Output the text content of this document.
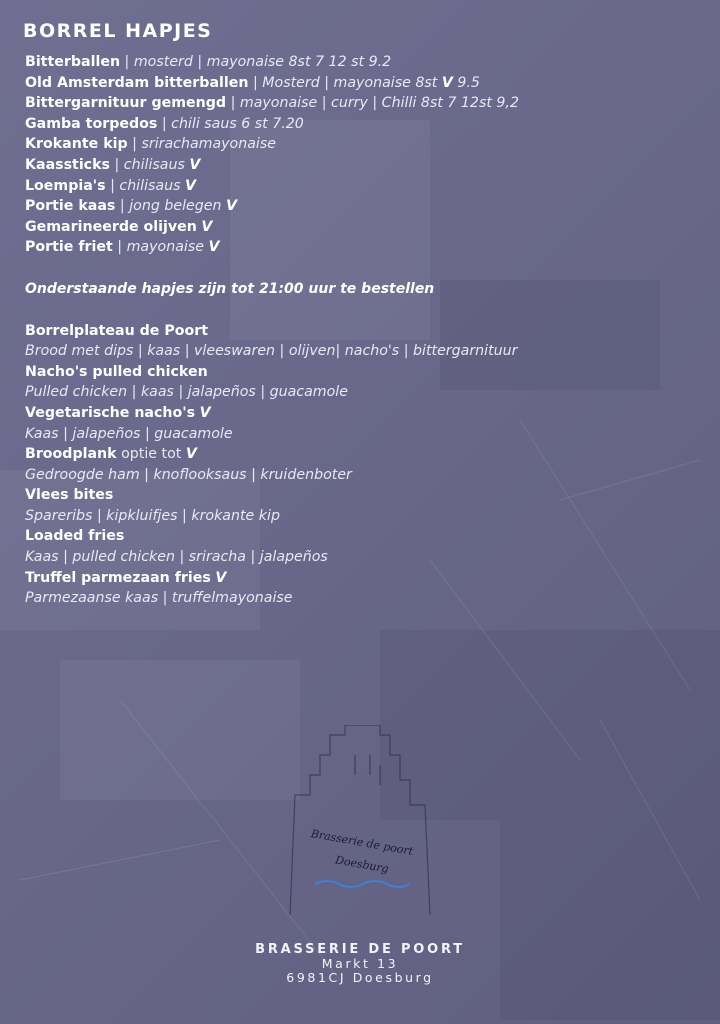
BORREL HAPJES
Bitterballen | mosterd | mayonaise 8st 7 12 st 9.2
Old Amsterdam bitterballen | Mosterd | mayonaise 8st V 9.5
Bittergarnituur gemengd | mayonaise | curry | Chilli 8st 7 12st 9,2
Gamba torpedos | chili saus 6 st 7.20
Krokante kip | srirachamayonaise
Kaassticks | chilisaus V
Loempia's | chilisaus V
Portie kaas | jong belegen V
Gemarineerde olijven V
Portie friet | mayonaise V
Onderstaande hapjes zijn tot 21:00 uur te bestellen
Borrelplateau de Poort
Brood met dips | kaas | vleeswaren | olijven| nacho's | bittergarnituur
Nacho's pulled chicken
Pulled chicken | kaas | jalapeños | guacamole
Vegetarische nacho's V
Kaas | jalapeños | guacamole
Broodplank optie tot V
Gedroogde ham | knoflooksaus | kruidenboter
Vlees bites
Spareribs | kipkluifjes | krokante kip
Loaded fries
Kaas | pulled chicken | sriracha | jalapeños
Truffel parmezaan fries V
Parmezaanse kaas | truffelmayonaise
Brasserie de poort
Doesburg
BRASSERIE DE POORT
Markt 13
6981CJ Doesburg
